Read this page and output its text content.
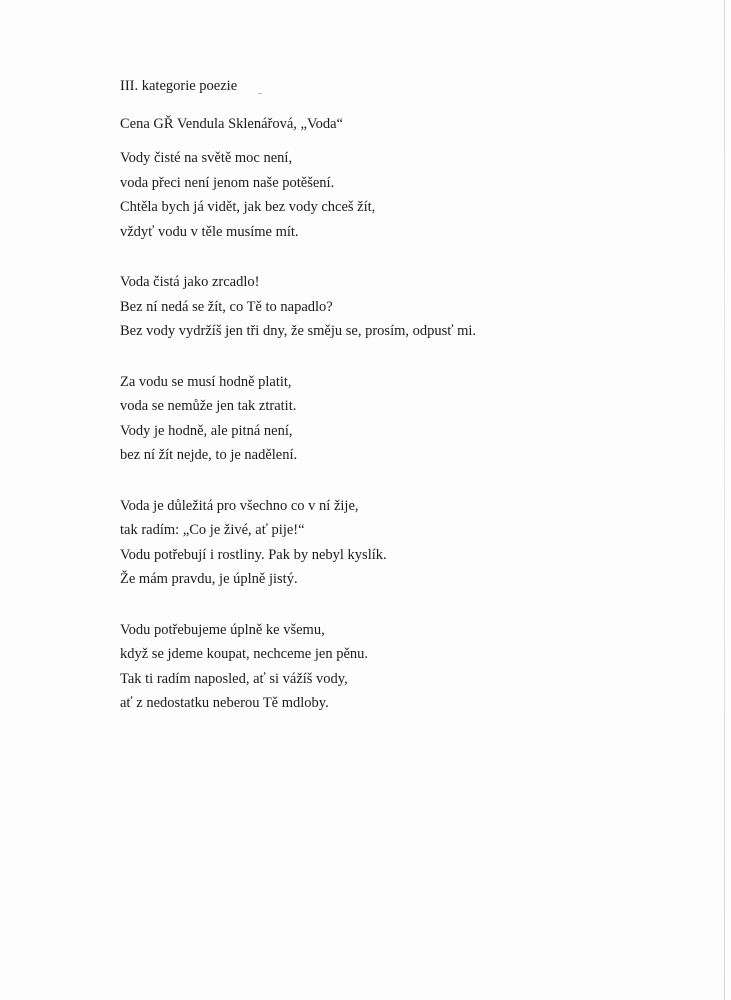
III. kategorie poezie

Cena GŘ Vendula Sklenářová, „Voda“

Vody čisté na světě moc není,
voda přeci není jenom naše potěšení.
Chtěla bych já vidět, jak bez vody chceš žít,
vždyť vodu v těle musíme mít.
Voda čistá jako zrcadlo!
Bez ní nedá se žít, co Tě to napadlo?
Bez vody vydržíš jen tři dny, že směju se, prosím, odpusť mi.
Za vodu se musí hodně platit,
voda se nemůže jen tak ztratit.
Vody je hodně, ale pitná není,
bez ní žít nejde, to je nadělení.
Voda je důležitá pro všechno co v ní žije,
tak radím: „Co je živé, ať pije!“
Vodu potřebují i rostliny. Pak by nebyl kyslík.
Že mám pravdu, je úplně jistý.
Vodu potřebujeme úplně ke všemu,
když se jdeme koupat, nechceme jen pěnu.
Tak ti radím naposled, ať si vážíš vody,
ať z nedostatku neberou Tě mdloby.
